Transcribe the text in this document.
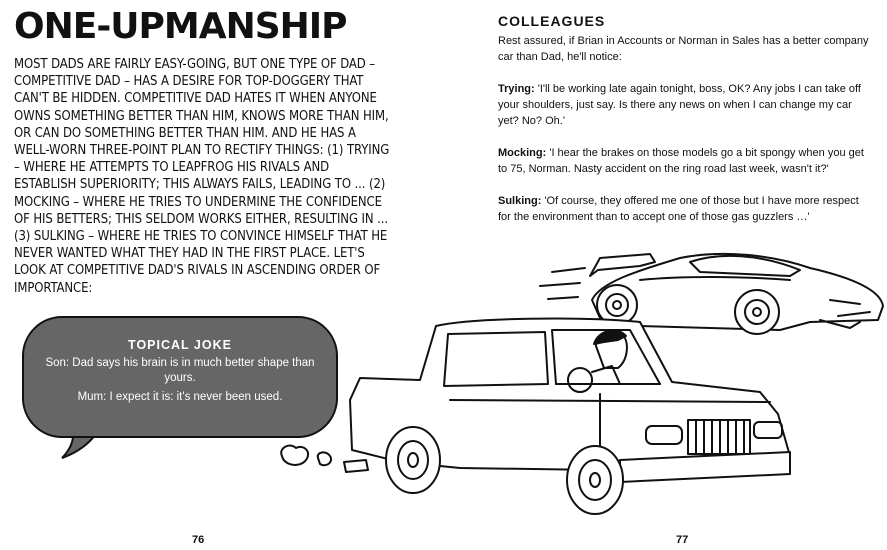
ONE-UPMANSHIP
MOST DADS ARE FAIRLY EASY-GOING, BUT ONE TYPE OF DAD – COMPETITIVE DAD – HAS A DESIRE FOR TOP-DOGGERY THAT CAN'T BE HIDDEN. COMPETITIVE DAD HATES IT WHEN ANYONE OWNS SOMETHING BETTER THAN HIM, KNOWS MORE THAN HIM, OR CAN DO SOMETHING BETTER THAN HIM. AND HE HAS A WELL-WORN THREE-POINT PLAN TO RECTIFY THINGS: (1) TRYING – WHERE HE ATTEMPTS TO LEAPFROG HIS RIVALS AND ESTABLISH SUPERIORITY; THIS ALWAYS FAILS, LEADING TO ... (2) MOCKING – WHERE HE TRIES TO UNDERMINE THE CONFIDENCE OF HIS BETTERS; THIS SELDOM WORKS EITHER, RESULTING IN ... (3) SULKING – WHERE HE TRIES TO CONVINCE HIMSELF THAT HE NEVER WANTED WHAT THEY HAD IN THE FIRST PLACE. LET'S LOOK AT COMPETITIVE DAD'S RIVALS IN ASCENDING ORDER OF IMPORTANCE:
TOPICAL JOKE
Son: Dad says his brain is in much better shape than yours.
Mum: I expect it is: it's never been used.
COLLEAGUES

Rest assured, if Brian in Accounts or Norman in Sales has a better company car than Dad, he'll notice:

Trying: 'I'll be working late again tonight, boss, OK? Any jobs I can take off your shoulders, just say. Is there any news on when I can change my car yet? No? Oh.'

Mocking: 'I hear the brakes on those models go a bit spongy when you get to 75, Norman. Nasty accident on the ring road last week, wasn't it?'

Sulking: 'Of course, they offered me one of those but I have more respect for the environment than to accept one of those gas guzzlers …'

76	77
